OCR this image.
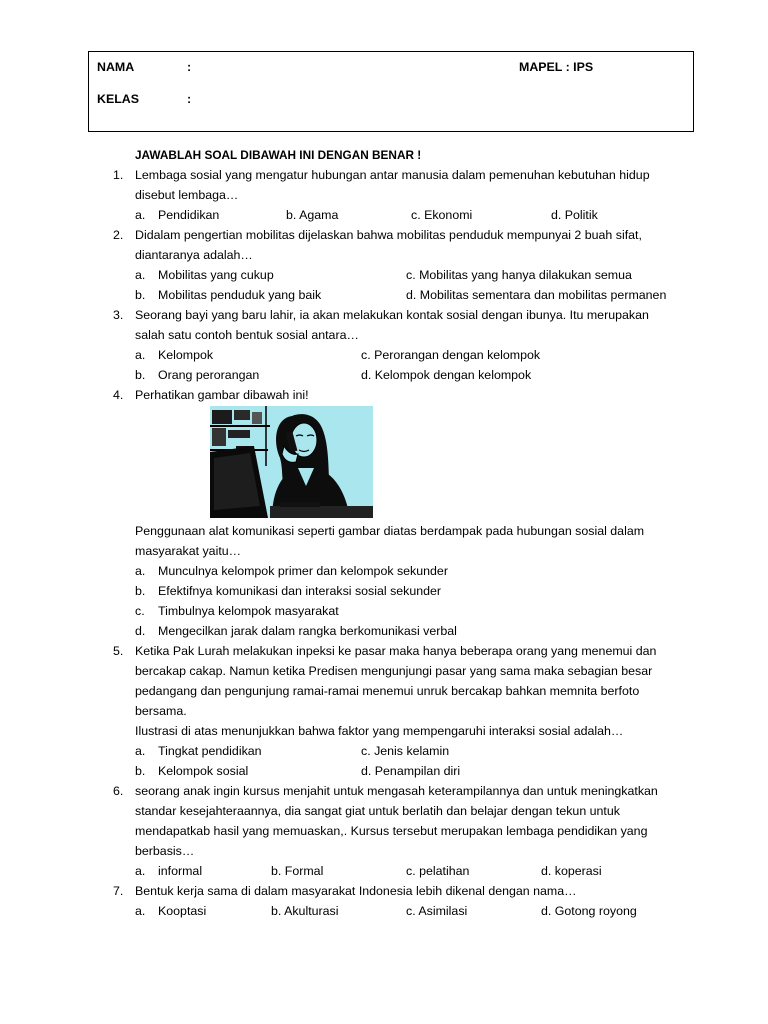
NAMA	:	MAPEL : IPS
KELAS	:
JAWABLAH SOAL DIBAWAH INI DENGAN BENAR !
1. Lembaga sosial yang mengatur hubungan antar manusia dalam pemenuhan kebutuhan hidup
disebut lembaga…
a. Pendidikan	b. Agama	c. Ekonomi	d. Politik
2. Didalam pengertian mobilitas dijelaskan bahwa mobilitas penduduk mempunyai 2 buah sifat,
diantaranya adalah…
a. Mobilitas yang cukup	c. Mobilitas yang hanya dilakukan semua
b. Mobilitas penduduk yang baik	d. Mobilitas sementara dan mobilitas permanen
3. Seorang bayi yang baru lahir, ia akan melakukan kontak sosial dengan ibunya. Itu merupakan
salah satu contoh bentuk sosial antara…
a. Kelompok	c. Perorangan dengan kelompok
b. Orang perorangan	d. Kelompok dengan kelompok
4. Perhatikan gambar dibawah ini!
Penggunaan alat komunikasi seperti gambar diatas berdampak pada hubungan sosial dalam
masyarakat yaitu…
a. Munculnya kelompok primer dan kelompok sekunder
b. Efektifnya komunikasi dan interaksi sosial sekunder
c. Timbulnya kelompok masyarakat
d. Mengecilkan jarak dalam rangka berkomunikasi verbal
5. Ketika Pak Lurah melakukan inpeksi ke pasar maka hanya beberapa orang yang menemui dan
bercakap cakap. Namun ketika Predisen mengunjungi pasar yang sama maka sebagian besar
pedangang dan pengunjung ramai-ramai menemui unruk bercakap bahkan memnita berfoto
bersama.
Ilustrasi di atas menunjukkan bahwa faktor yang mempengaruhi interaksi sosial adalah…
a. Tingkat pendidikan	c. Jenis kelamin
b. Kelompok sosial	d. Penampilan diri
6. seorang anak ingin kursus menjahit untuk mengasah keterampilannya dan untuk meningkatkan
standar kesejahteraannya, dia sangat giat untuk berlatih dan belajar dengan tekun untuk
mendapatkab hasil yang memuaskan,. Kursus tersebut merupakan lembaga pendidikan yang
berbasis…
a. informal	b. Formal	c. pelatihan	d. koperasi
7. Bentuk kerja sama di dalam masyarakat Indonesia lebih dikenal dengan nama…
a. Kooptasi	b. Akulturasi	c. Asimilasi	d. Gotong royong
